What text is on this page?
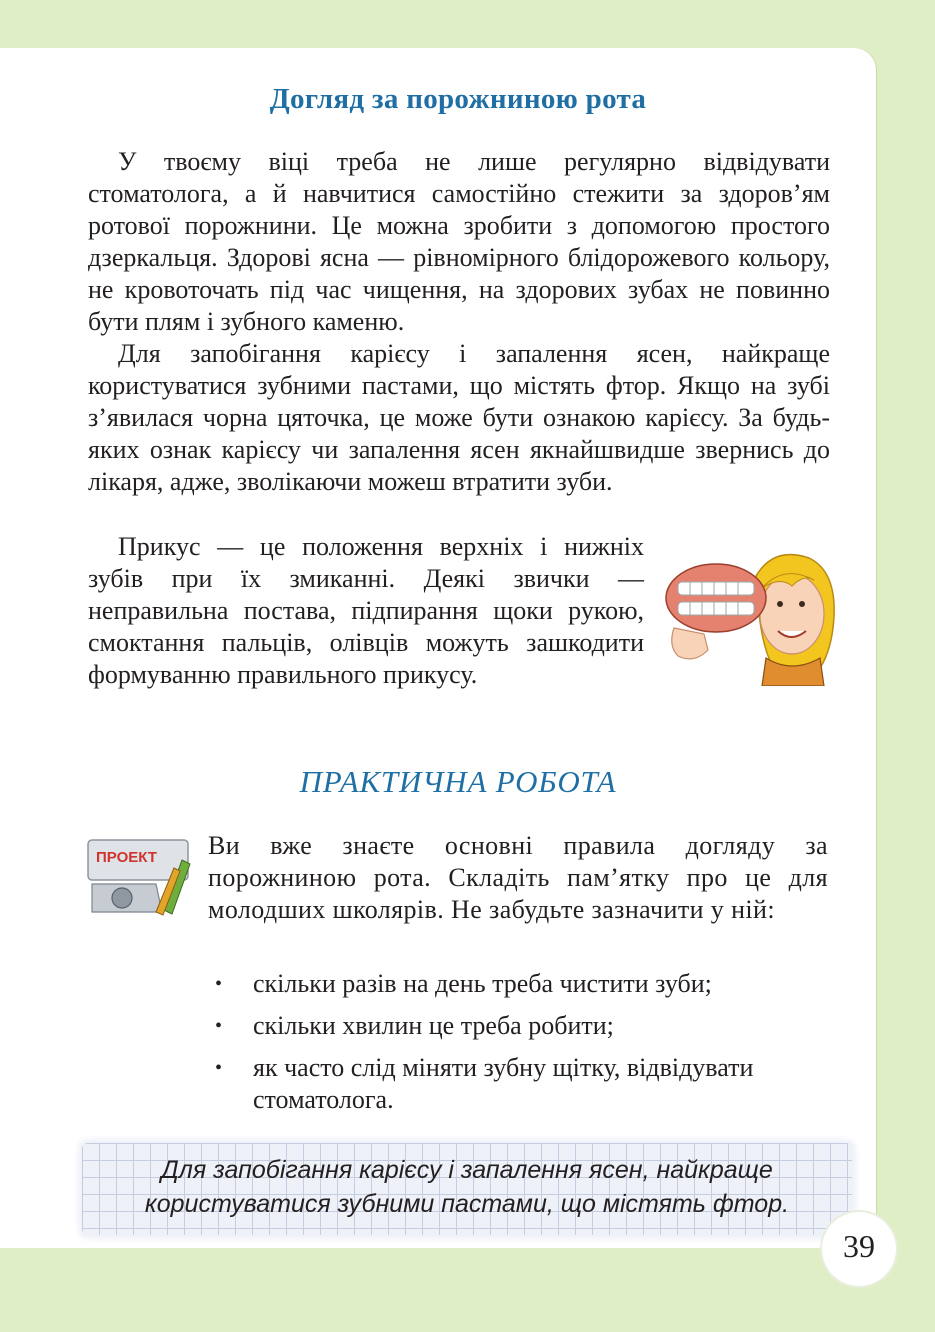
Догляд за порожниною рота

У твоєму віці треба не лише регулярно відвідувати стоматолога, а й навчитися самостійно стежити за здоров’ям ротової порожнини. Це можна зробити з допомогою простого дзеркальця. Здорові ясна — рівномірного блідорожевого кольору, не кровоточать під час чищення, на здорових зубах не повинно бути плям і зубного каменю.

Для запобігання карієсу і запалення ясен, найкраще користуватися зубними пастами, що містять фтор. Якщо на зубі з’явилася чорна цяточка, це може бути ознакою карієсу. За будь-яких ознак карієсу чи запалення ясен якнайшвидше звернись до лікаря, адже, зволікаючи можеш втратити зуби.

Прикус — це положення верхніх і нижніх зубів при їх змиканні. Деякі звички — неправильна постава, підпирання щоки рукою, смоктання пальців, олівців можуть зашкодити формуванню правильного прикусу.

ПРАКТИЧНА РОБОТА
ПРОЕКТ Ви вже знаєте основні правила догляду за порожниною рота. Складіть пам’ятку про це для молодших школярів. Не забудьте зазначити у ній:

• скільки разів на день треба чистити зуби;
• скільки хвилин це треба робити;
• як часто слід міняти зубну щітку, відвідувати стоматолога.
Для запобігання карієсу і запалення ясен, найкраще
користуватися зубними пастами, що містять фтор.
39
